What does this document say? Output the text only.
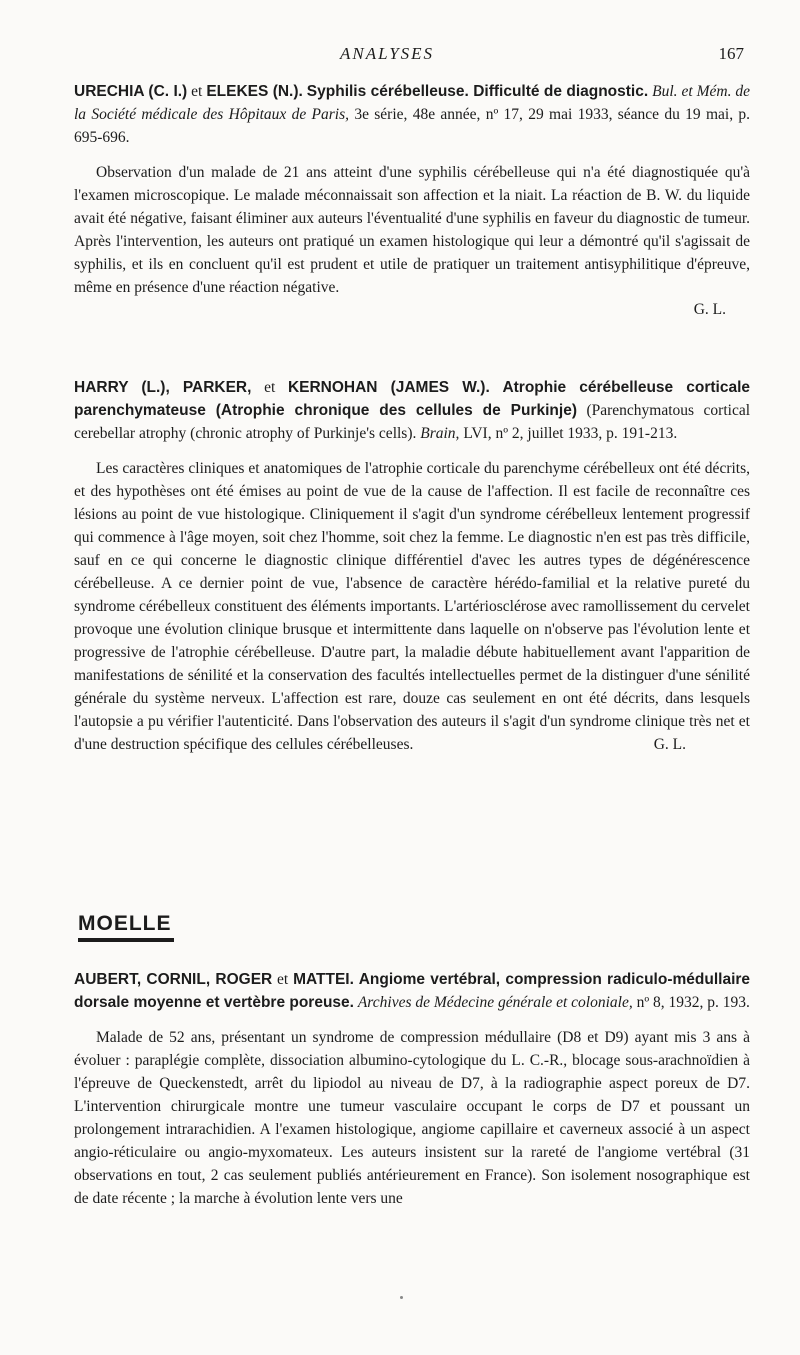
ANALYSES	167

URECHIA (C. I.) et ELEKES (N.). Syphilis cérébelleuse. Difficulté de diagnostic. Bul. et Mém. de la Société médicale des Hôpitaux de Paris, 3e série, 48e année, nº 17, 29 mai 1933, séance du 19 mai, p. 695-696.

Observation d'un malade de 21 ans atteint d'une syphilis cérébelleuse qui n'a été diagnostiquée qu'à l'examen microscopique. Le malade méconnaissait son affection et la niait. La réaction de B. W. du liquide avait été négative, faisant éliminer aux auteurs l'éventualité d'une syphilis en faveur du diagnostic de tumeur. Après l'intervention, les auteurs ont pratiqué un examen histologique qui leur a démontré qu'il s'agissait de syphilis, et ils en concluent qu'il est prudent et utile de pratiquer un traitement antisyphilitique d'épreuve, même en présence d'une réaction négative.

G. L.

HARRY (L.), PARKER, et KERNOHAN (JAMES W.). Atrophie cérébelleuse corticale parenchymateuse (Atrophie chronique des cellules de Purkinje) (Parenchymatous cortical cerebellar atrophy (chronic atrophy of Purkinje's cells). Brain, LVI, nº 2, juillet 1933, p. 191-213.

Les caractères cliniques et anatomiques de l'atrophie corticale du parenchyme cérébelleux ont été décrits, et des hypothèses ont été émises au point de vue de la cause de l'affection. Il est facile de reconnaître ces lésions au point de vue histologique. Cliniquement il s'agit d'un syndrome cérébelleux lentement progressif qui commence à l'âge moyen, soit chez l'homme, soit chez la femme. Le diagnostic n'en est pas très difficile, sauf en ce qui concerne le diagnostic clinique différentiel d'avec les autres types de dégénérescence cérébelleuse. A ce dernier point de vue, l'absence de caractère hérédo-familial et la relative pureté du syndrome cérébelleux constituent des éléments importants. L'artériosclérose avec ramollissement du cervelet provoque une évolution clinique brusque et intermittente dans laquelle on n'observe pas l'évolution lente et progressive de l'atrophie cérébelleuse. D'autre part, la maladie débute habituellement avant l'apparition de manifestations de sénilité et la conservation des facultés intellectuelles permet de la distinguer d'une sénilité générale du système nerveux. L'affection est rare, douze cas seulement en ont été décrits, dans lesquels l'autopsie a pu vérifier l'autenticité. Dans l'observation des auteurs il s'agit d'un syndrome clinique très net et d'une destruction spécifique des cellules cérébelleuses.	G. L.

MOELLE

AUBERT, CORNIL, ROGER et MATTEI. Angiome vertébral, compression radiculo-médullaire dorsale moyenne et vertèbre poreuse. Archives de Médecine générale et coloniale, nº 8, 1932, p. 193.

Malade de 52 ans, présentant un syndrome de compression médullaire (D8 et D9) ayant mis 3 ans à évoluer : paraplégie complète, dissociation albumino-cytologique du L. C.-R., blocage sous-arachnoïdien à l'épreuve de Queckenstedt, arrêt du lipiodol au niveau de D7, à la radiographie aspect poreux de D7. L'intervention chirurgicale montre une tumeur vasculaire occupant le corps de D7 et poussant un prolongement intrarachidien. A l'examen histologique, angiome capillaire et caverneux associé à un aspect angio-réticulaire ou angio-myxomateux. Les auteurs insistent sur la rareté de l'angiome vertébral (31 observations en tout, 2 cas seulement publiés antérieurement en France). Son isolement nosographique est de date récente ; la marche à évolution lente vers une
